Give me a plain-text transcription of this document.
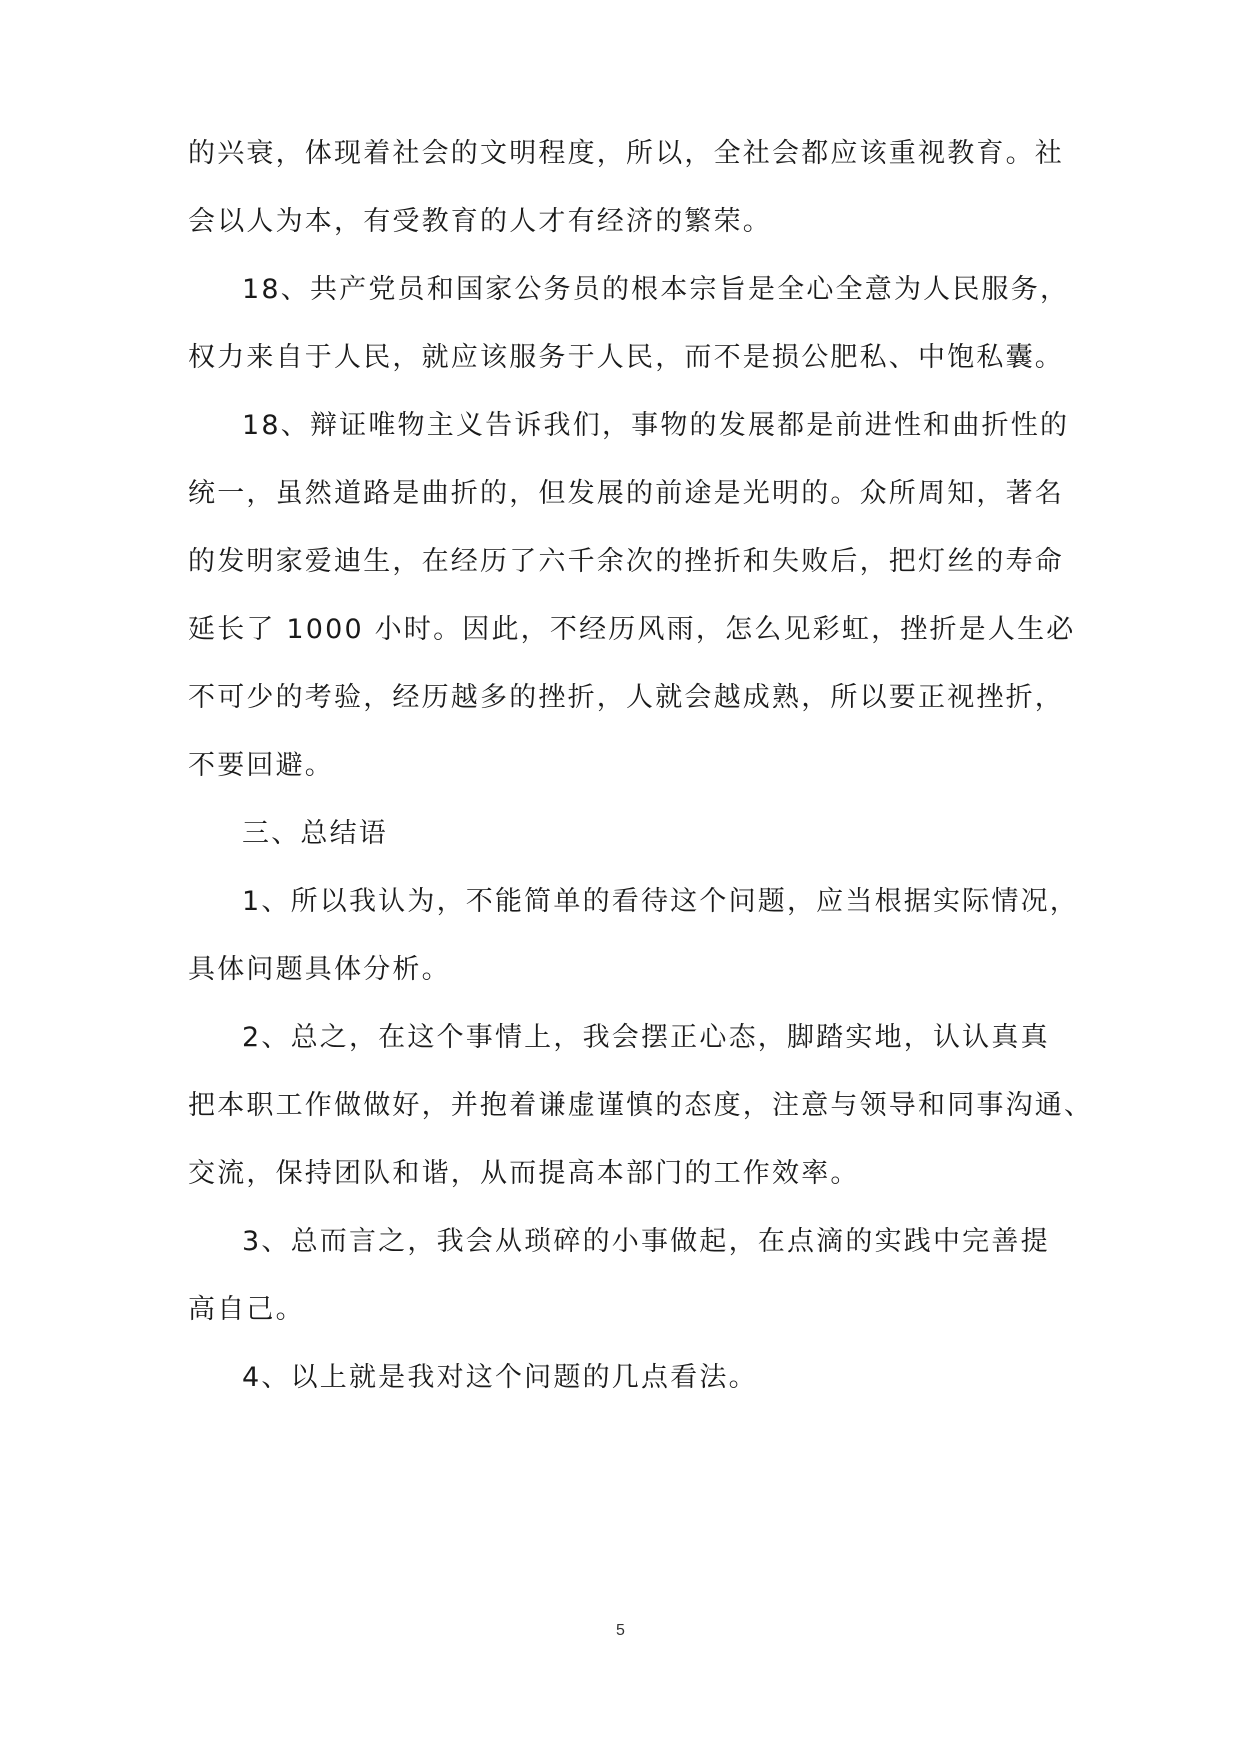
的兴衰，体现着社会的文明程度，所以，全社会都应该重视教育。社
会以人为本，有受教育的人才有经济的繁荣。
18、共产党员和国家公务员的根本宗旨是全心全意为人民服务，
权力来自于人民，就应该服务于人民，而不是损公肥私、中饱私囊。
18、辩证唯物主义告诉我们，事物的发展都是前进性和曲折性的
统一，虽然道路是曲折的，但发展的前途是光明的。众所周知，著名
的发明家爱迪生，在经历了六千余次的挫折和失败后，把灯丝的寿命
延长了 1000 小时。因此，不经历风雨，怎么见彩虹，挫折是人生必
不可少的考验，经历越多的挫折，人就会越成熟，所以要正视挫折，
不要回避。
三、总结语
1、所以我认为，不能简单的看待这个问题，应当根据实际情况，
具体问题具体分析。
2、总之，在这个事情上，我会摆正心态，脚踏实地，认认真真
把本职工作做做好，并抱着谦虚谨慎的态度，注意与领导和同事沟通、
交流，保持团队和谐，从而提高本部门的工作效率。
3、总而言之，我会从琐碎的小事做起，在点滴的实践中完善提
高自己。
4、以上就是我对这个问题的几点看法。
5
